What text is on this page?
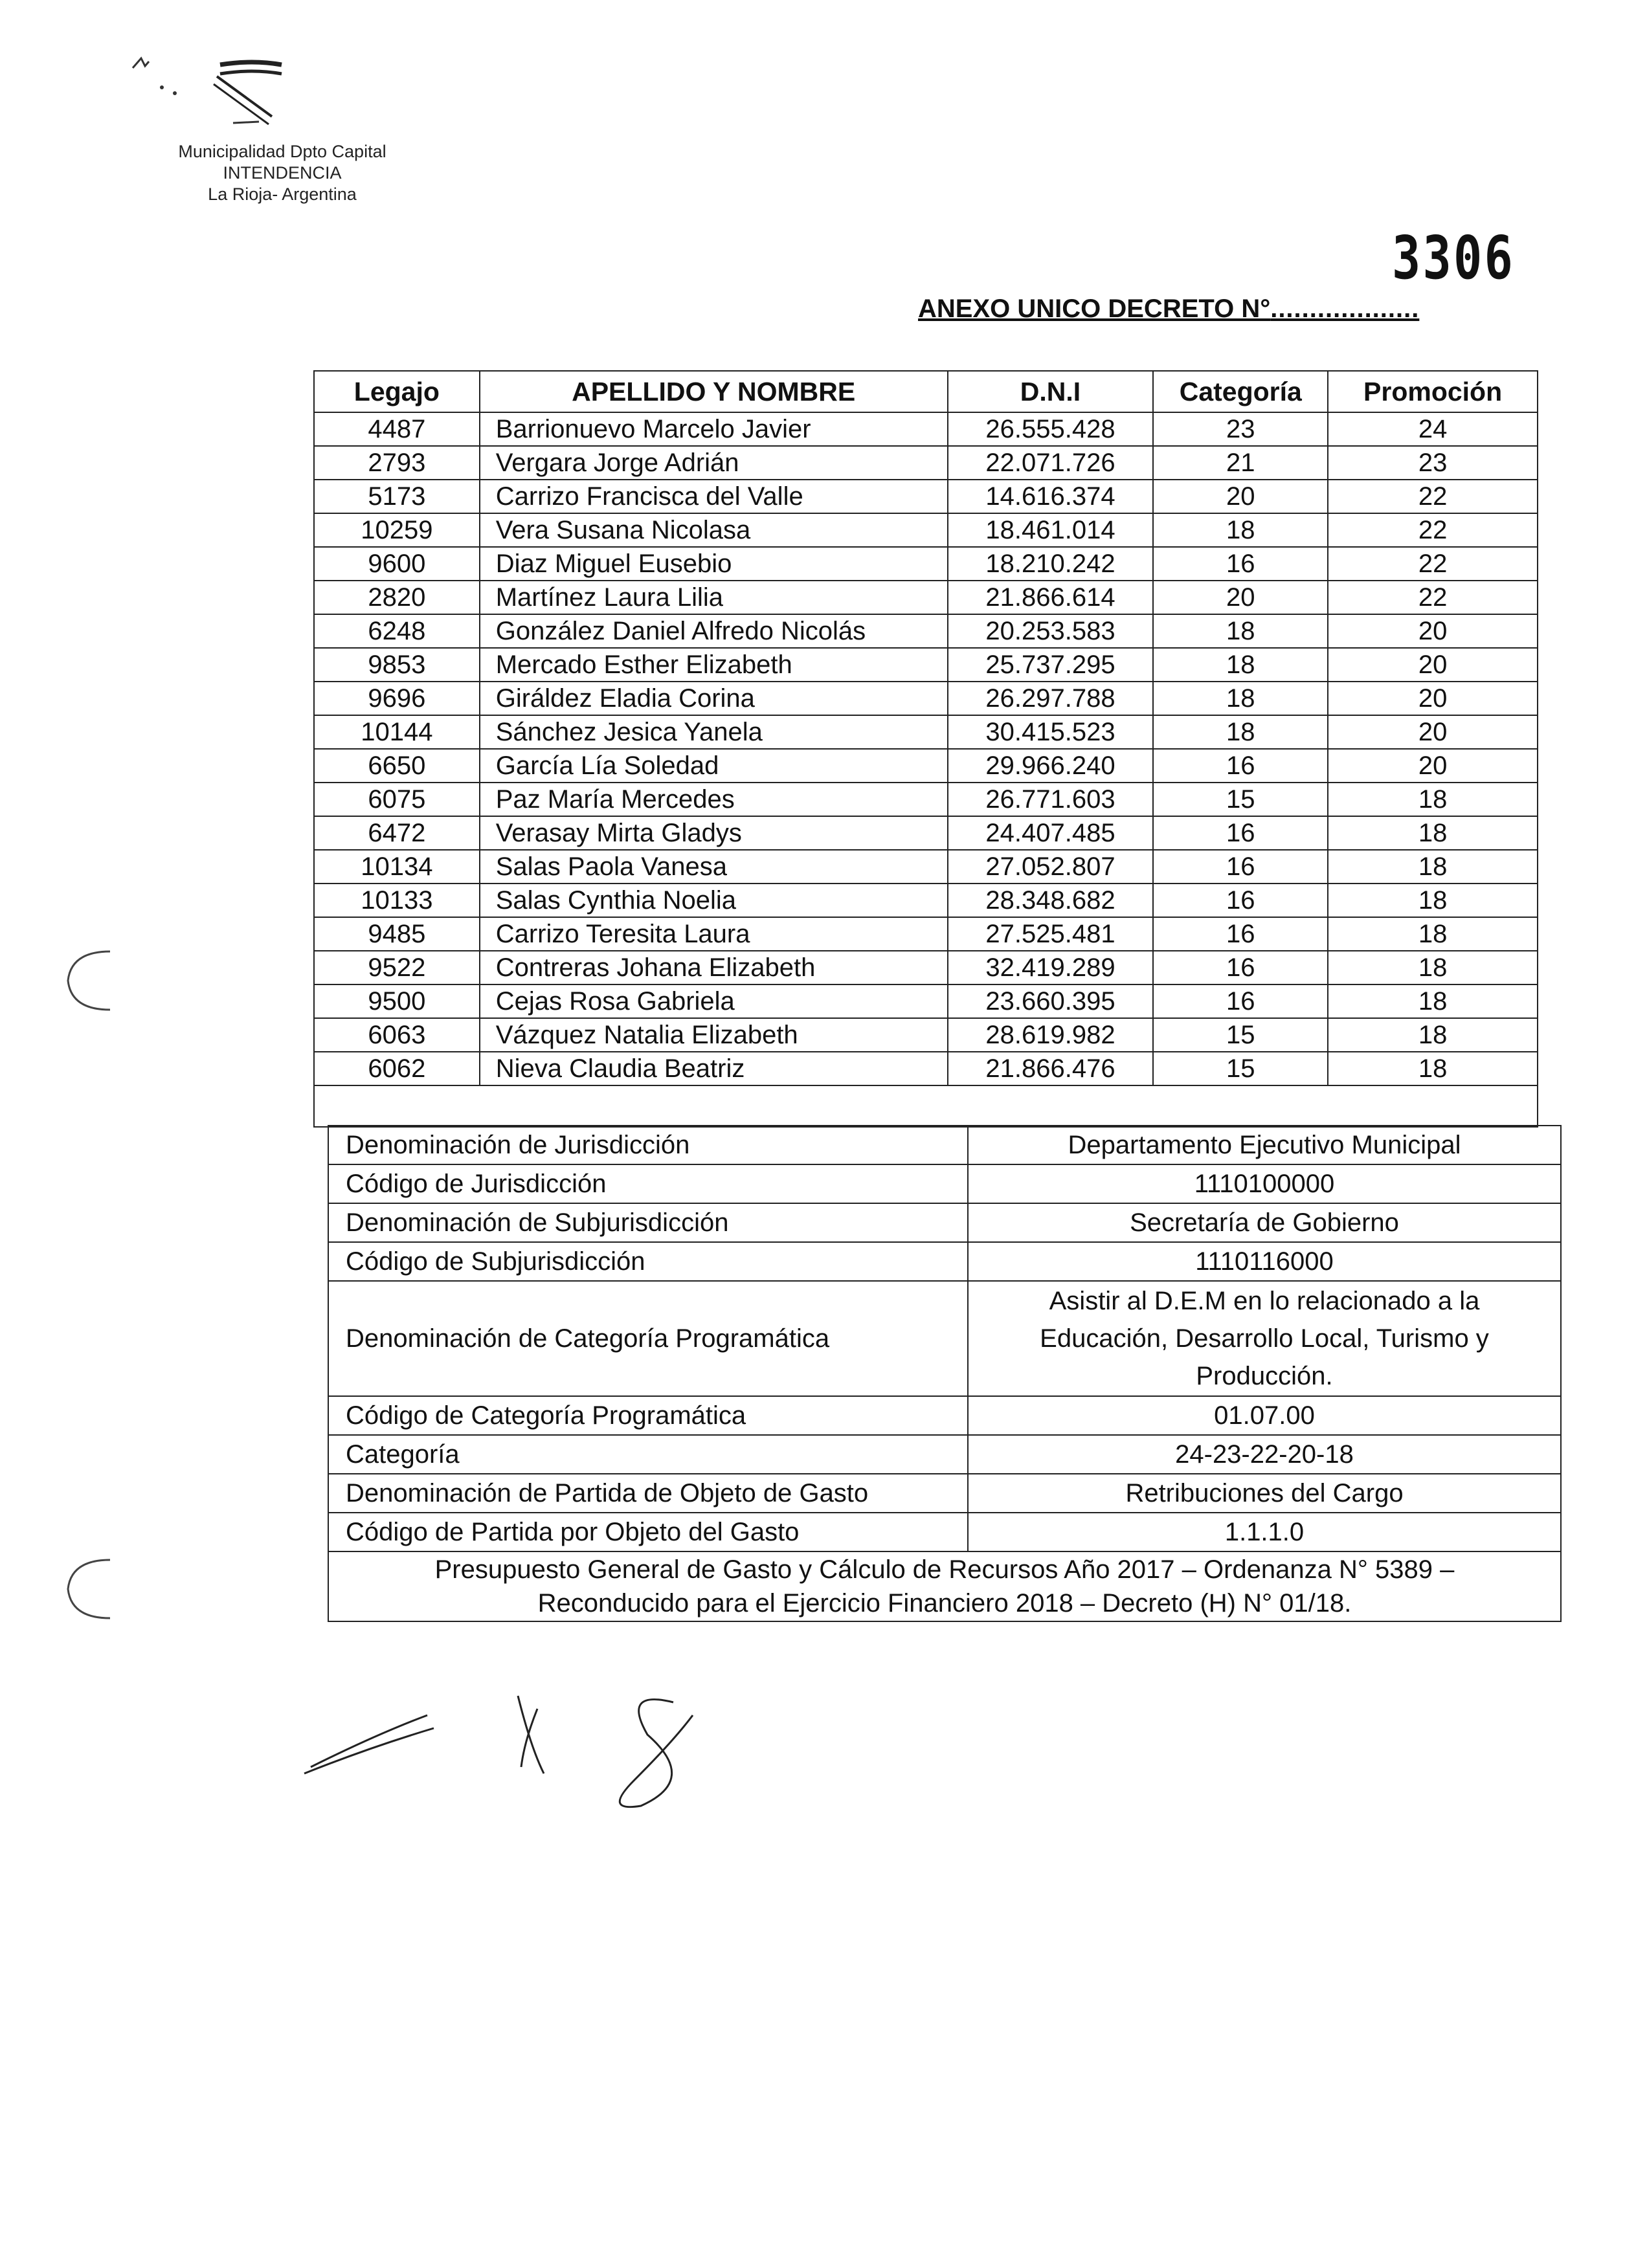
Municipalidad Dpto Capital
INTENDENCIA
La Rioja- Argentina
3306
ANEXO UNICO DECRETO N°...................
Legajo	APELLIDO Y NOMBRE	D.N.I	Categoría	Promoción
4487	Barrionuevo Marcelo Javier	26.555.428	23	24
2793	Vergara Jorge Adrián	22.071.726	21	23
5173	Carrizo Francisca del Valle	14.616.374	20	22
10259	Vera Susana Nicolasa	18.461.014	18	22
9600	Diaz Miguel Eusebio	18.210.242	16	22
2820	Martínez Laura Lilia	21.866.614	20	22
6248	González Daniel Alfredo Nicolás	20.253.583	18	20
9853	Mercado Esther Elizabeth	25.737.295	18	20
9696	Giráldez Eladia Corina	26.297.788	18	20
10144	Sánchez Jesica Yanela	30.415.523	18	20
6650	García Lía Soledad	29.966.240	16	20
6075	Paz María Mercedes	26.771.603	15	18
6472	Verasay Mirta Gladys	24.407.485	16	18
10134	Salas Paola Vanesa	27.052.807	16	18
10133	Salas Cynthia Noelia	28.348.682	16	18
9485	Carrizo Teresita Laura	27.525.481	16	18
9522	Contreras Johana Elizabeth	32.419.289	16	18
9500	Cejas Rosa Gabriela	23.660.395	16	18
6063	Vázquez Natalia Elizabeth	28.619.982	15	18
6062	Nieva Claudia Beatriz	21.866.476	15	18

Denominación de Jurisdicción	Departamento Ejecutivo Municipal
Código de Jurisdicción	1110100000
Denominación de Subjurisdicción	Secretaría de Gobierno
Código de Subjurisdicción	1110116000
Denominación de Categoría Programática	Asistir al D.E.M en lo relacionado a la
Educación, Desarrollo Local, Turismo y
Producción.

Código de Categoría Programática	01.07.00
Categoría	24-23-22-20-18
Denominación de Partida de Objeto de Gasto	Retribuciones del Cargo
Código de Partida por Objeto del Gasto	1.1.1.0

Presupuesto General de Gasto y Cálculo de Recursos Año 2017 – Ordenanza N° 5389 –
Reconducido para el Ejercicio Financiero 2018 – Decreto (H) N° 01/18.	
